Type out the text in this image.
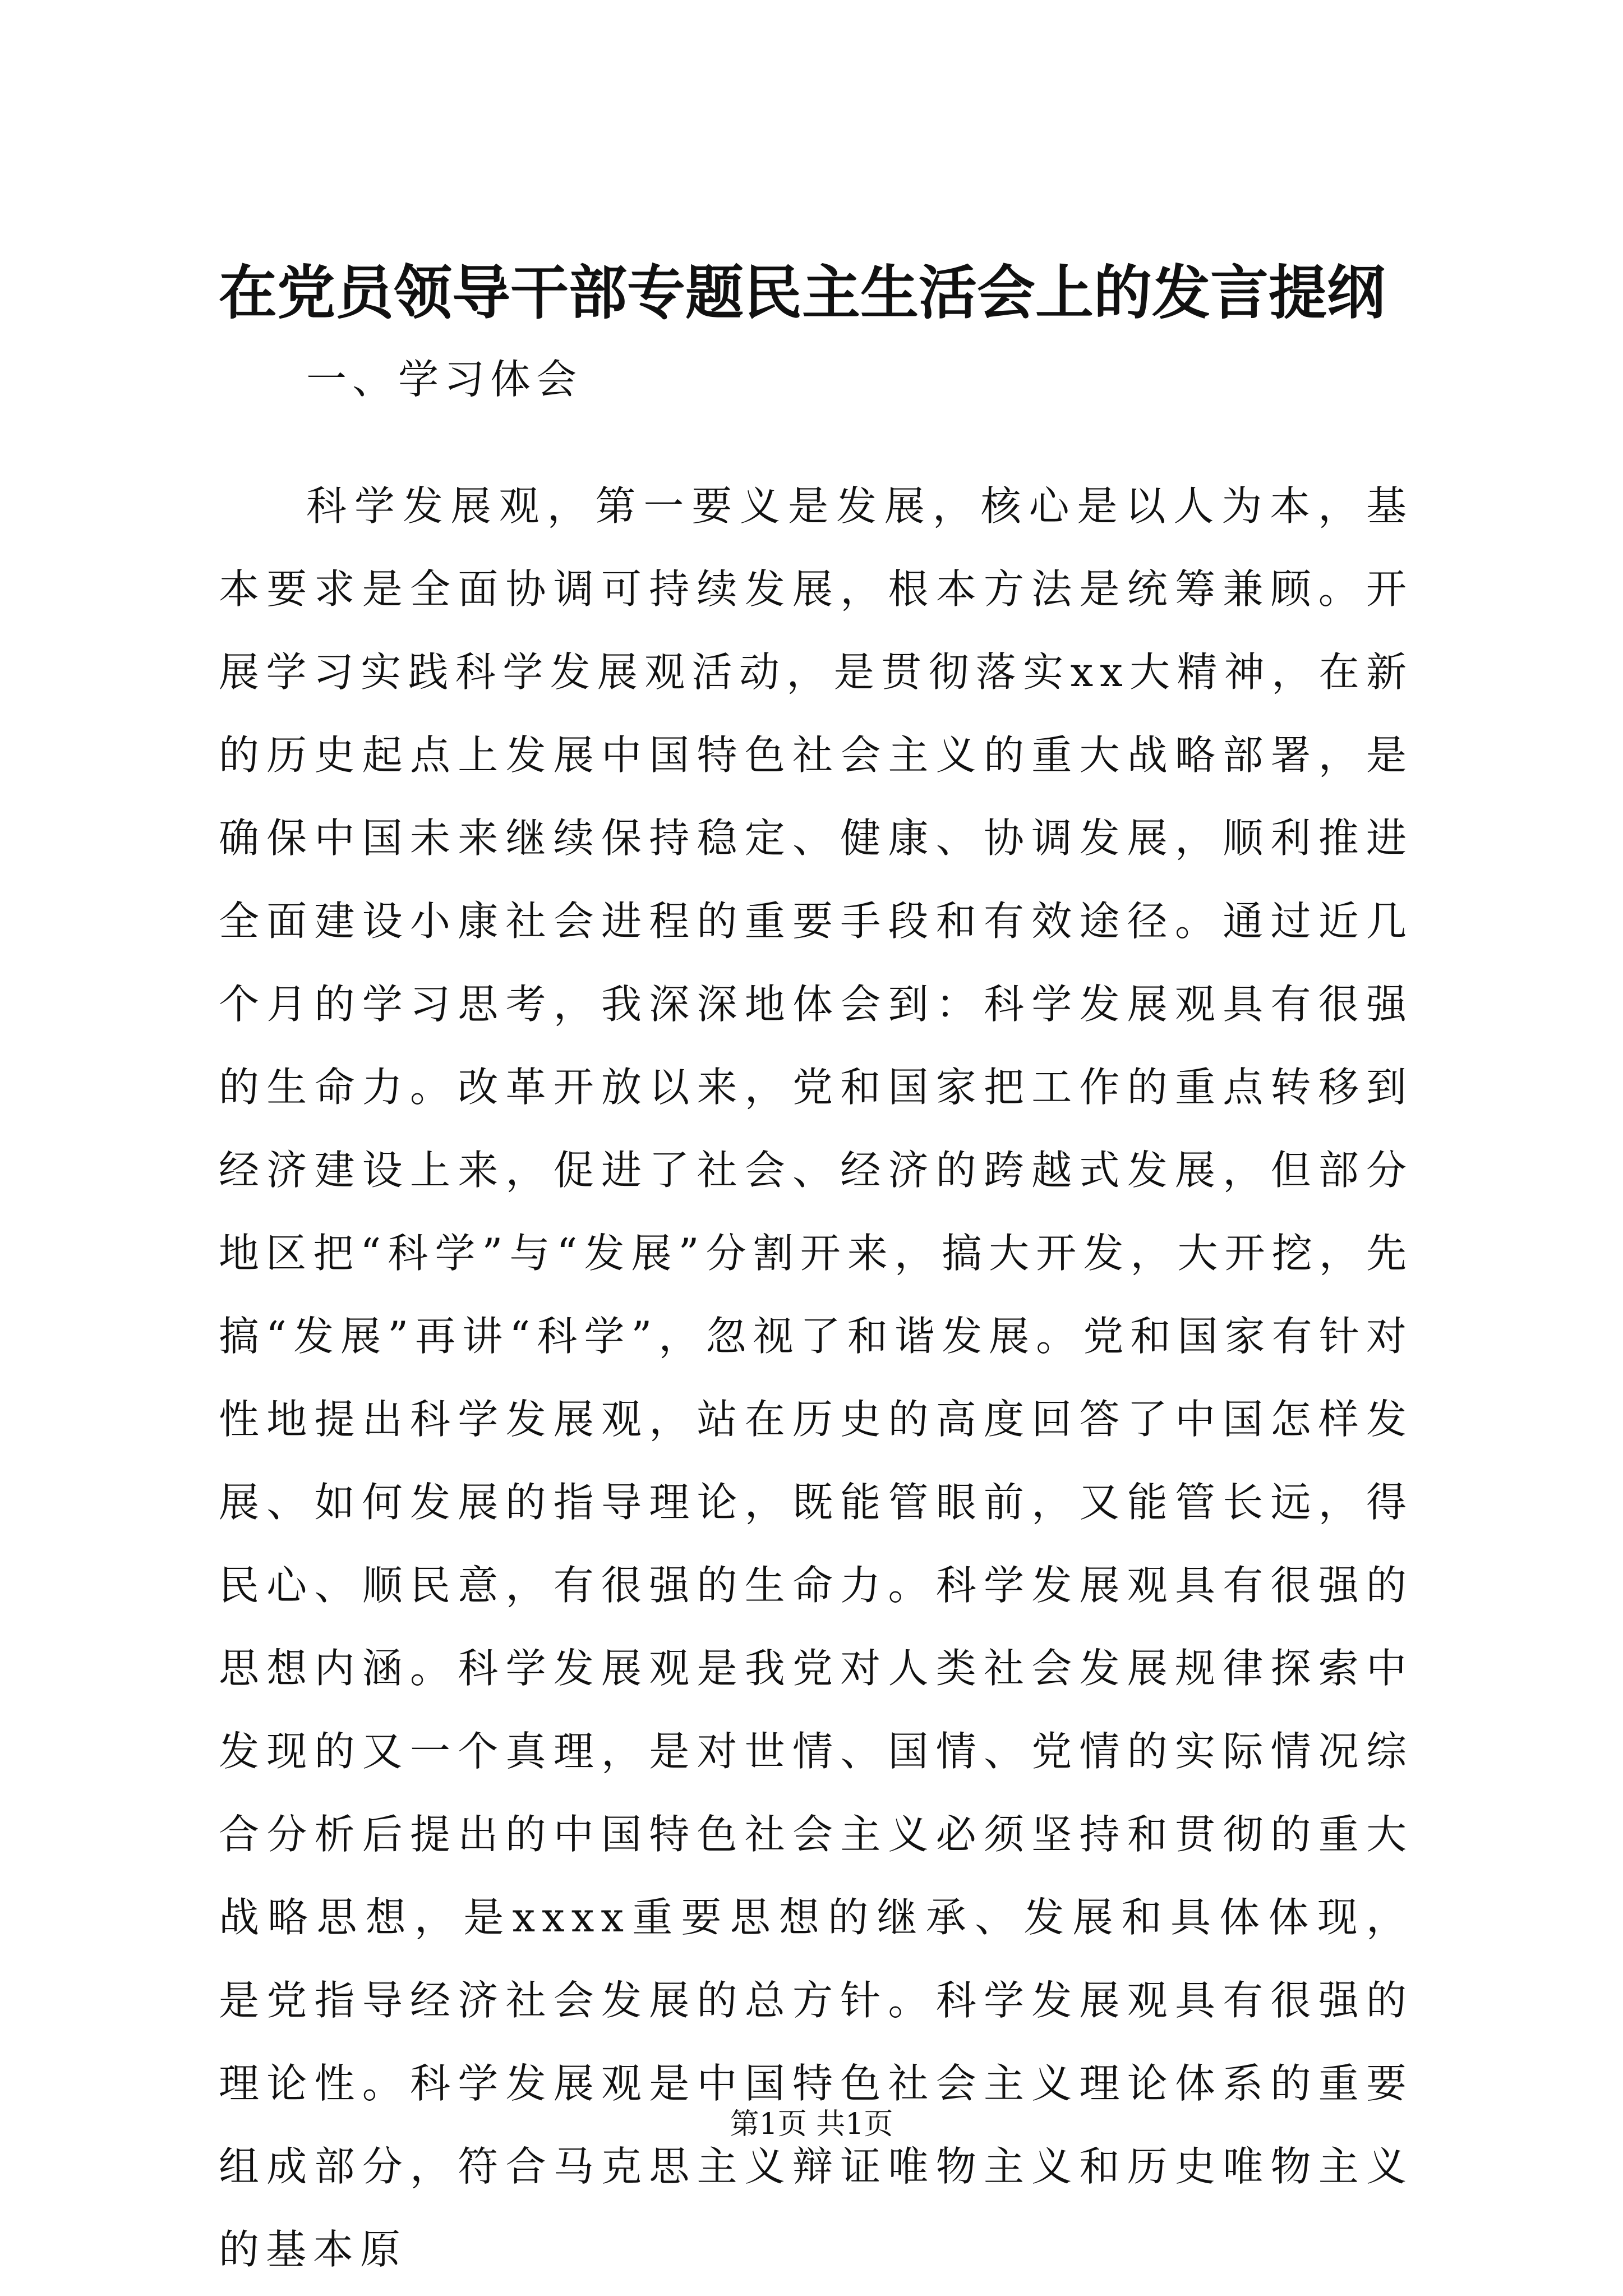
在党员领导干部专题民主生活会上的发言提纲

一、学习体会

科学发展观，第一要义是发展，核心是以人为本，基本要求是全面协调可持续发展，根本方法是统筹兼顾。开展学习实践科学发展观活动，是贯彻落实xx大精神，在新的历史起点上发展中国特色社会主义的重大战略部署，是确保中国未来继续保持稳定、健康、协调发展，顺利推进全面建设小康社会进程的重要手段和有效途径。通过近几个月的学习思考，我深深地体会到：科学发展观具有很强的生命力。改革开放以来，党和国家把工作的重点转移到经济建设上来，促进了社会、经济的跨越式发展，但部分地区把“科学”与“发展”分割开来，搞大开发，大开挖，先搞“发展”再讲“科学”，忽视了和谐发展。党和国家有针对性地提出科学发展观，站在历史的高度回答了中国怎样发展、如何发展的指导理论，既能管眼前，又能管长远，得民心、顺民意，有很强的生命力。科学发展观具有很强的思想内涵。科学发展观是我党对人类社会发展规律探索中发现的又一个真理，是对世情、国情、党情的实际情况综合分析后提出的中国特色社会主义必须坚持和贯彻的重大战略思想，是xxxx重要思想的继承、发展和具体体现，是党指导经济社会发展的总方针。科学发展观具有很强的理论性。科学发展观是中国特色社会主义理论体系的重要组成部分，符合马克思主义辩证唯物主义和历史唯物主义的基本原

第1页 共1页
